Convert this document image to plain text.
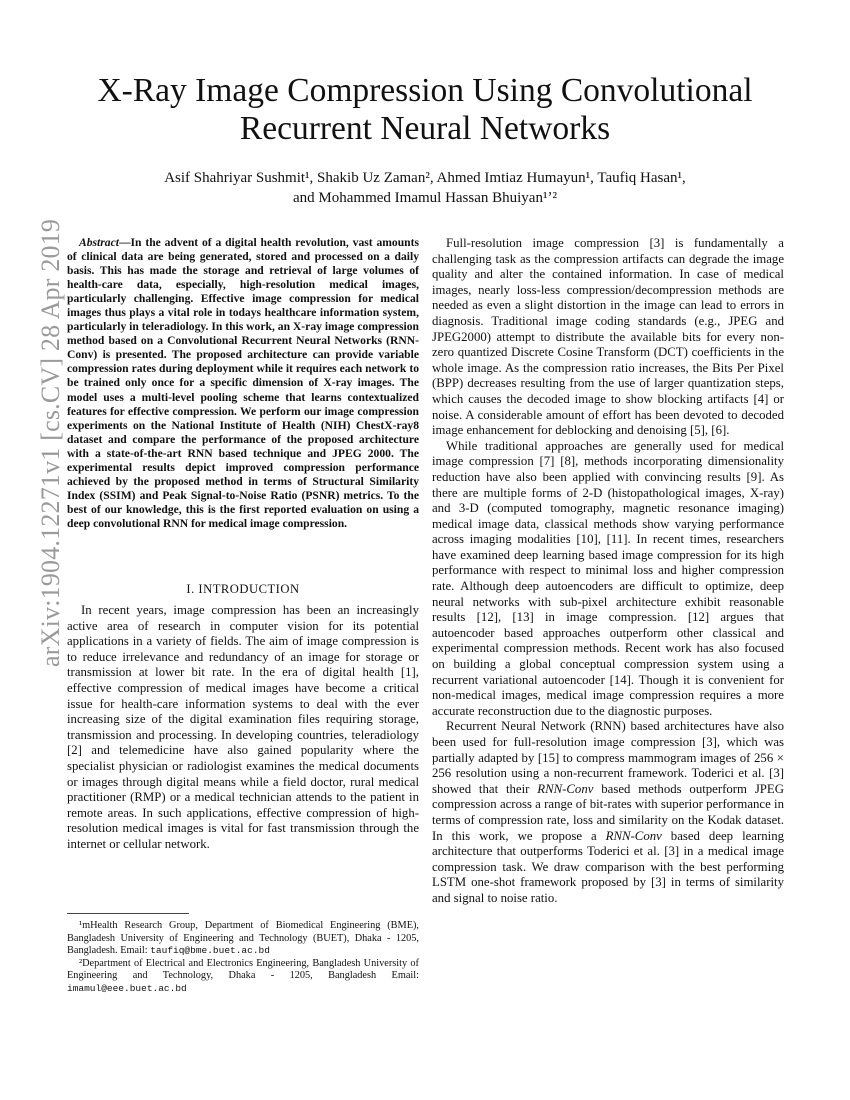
arXiv:1904.12271v1 [cs.CV] 28 Apr 2019
X-Ray Image Compression Using Convolutional
Recurrent Neural Networks
Asif Shahriyar Sushmit¹, Shakib Uz Zaman², Ahmed Imtiaz Humayun¹, Taufiq Hasan¹,
and Mohammed Imamul Hassan Bhuiyan¹ʼ²

Abstract—In the advent of a digital health revolution, vast amounts of clinical data are being generated, stored and processed on a daily basis. This has made the storage and retrieval of large volumes of health-care data, especially, high-resolution medical images, particularly challenging. Effective image compression for medical images thus plays a vital role in todays healthcare information system, particularly in teleradiology. In this work, an X-ray image compression method based on a Convolutional Recurrent Neural Networks (RNN-Conv) is presented. The proposed architecture can provide variable compression rates during deployment while it requires each network to be trained only once for a specific dimension of X-ray images. The model uses a multi-level pooling scheme that learns contextualized features for effective compression. We perform our image compression experiments on the National Institute of Health (NIH) ChestX-ray8 dataset and compare the performance of the proposed architecture with a state-of-the-art RNN based technique and JPEG 2000. The experimental results depict improved compression performance achieved by the proposed method in terms of Structural Similarity Index (SSIM) and Peak Signal-to-Noise Ratio (PSNR) metrics. To the best of our knowledge, this is the first reported evaluation on using a deep convolutional RNN for medical image compression.

I. INTRODUCTION

In recent years, image compression has been an increasingly active area of research in computer vision for its potential applications in a variety of fields. The aim of image compression is to reduce irrelevance and redundancy of an image for storage or transmission at lower bit rate. In the era of digital health [1], effective compression of medical images have become a critical issue for health-care information systems to deal with the ever increasing size of the digital examination files requiring storage, transmission and processing. In developing countries, teleradiology [2] and telemedicine have also gained popularity where the specialist physician or radiologist examines the medical documents or images through digital means while a field doctor, rural medical practitioner (RMP) or a medical technician attends to the patient in remote areas. In such applications, effective compression of high-resolution medical images is vital for fast transmission through the internet or cellular network.

¹mHealth Research Group, Department of Biomedical Engineering (BME), Bangladesh University of Engineering and Technology (BUET), Dhaka - 1205, Bangladesh. Email: taufiq@bme.buet.ac.bd

²Department of Electrical and Electronics Engineering, Bangladesh University of Engineering and Technology, Dhaka - 1205, Bangladesh Email: imamul@eee.buet.ac.bd

Full-resolution image compression [3] is fundamentally a challenging task as the compression artifacts can degrade the image quality and alter the contained information. In case of medical images, nearly loss-less compression/decompression methods are needed as even a slight distortion in the image can lead to errors in diagnosis. Traditional image coding standards (e.g., JPEG and JPEG2000) attempt to distribute the available bits for every non-zero quantized Discrete Cosine Transform (DCT) coefficients in the whole image. As the compression ratio increases, the Bits Per Pixel (BPP) decreases resulting from the use of larger quantization steps, which causes the decoded image to show blocking artifacts [4] or noise. A considerable amount of effort has been devoted to decoded image enhancement for deblocking and denoising [5], [6].

While traditional approaches are generally used for medical image compression [7] [8], methods incorporating dimensionality reduction have also been applied with convincing results [9]. As there are multiple forms of 2-D (histopathological images, X-ray) and 3-D (computed tomography, magnetic resonance imaging) medical image data, classical methods show varying performance across imaging modalities [10], [11]. In recent times, researchers have examined deep learning based image compression for its high performance with respect to minimal loss and higher compression rate. Although deep autoencoders are difficult to optimize, deep neural networks with sub-pixel architecture exhibit reasonable results [12], [13] in image compression. [12] argues that autoencoder based approaches outperform other classical and experimental compression methods. Recent work has also focused on building a global conceptual compression system using a recurrent variational autoencoder [14]. Though it is convenient for non-medical images, medical image compression requires a more accurate reconstruction due to the diagnostic purposes.

Recurrent Neural Network (RNN) based architectures have also been used for full-resolution image compression [3], which was partially adapted by [15] to compress mammogram images of 256 × 256 resolution using a non-recurrent framework. Toderici et al. [3] showed that their RNN-Conv based methods outperform JPEG compression across a range of bit-rates with superior performance in terms of compression rate, loss and similarity on the Kodak dataset. In this work, we propose a RNN-Conv based deep learning architecture that outperforms Toderici et al. [3] in a medical image compression task. We draw comparison with the best performing LSTM one-shot framework proposed by [3] in terms of similarity and signal to noise ratio.
